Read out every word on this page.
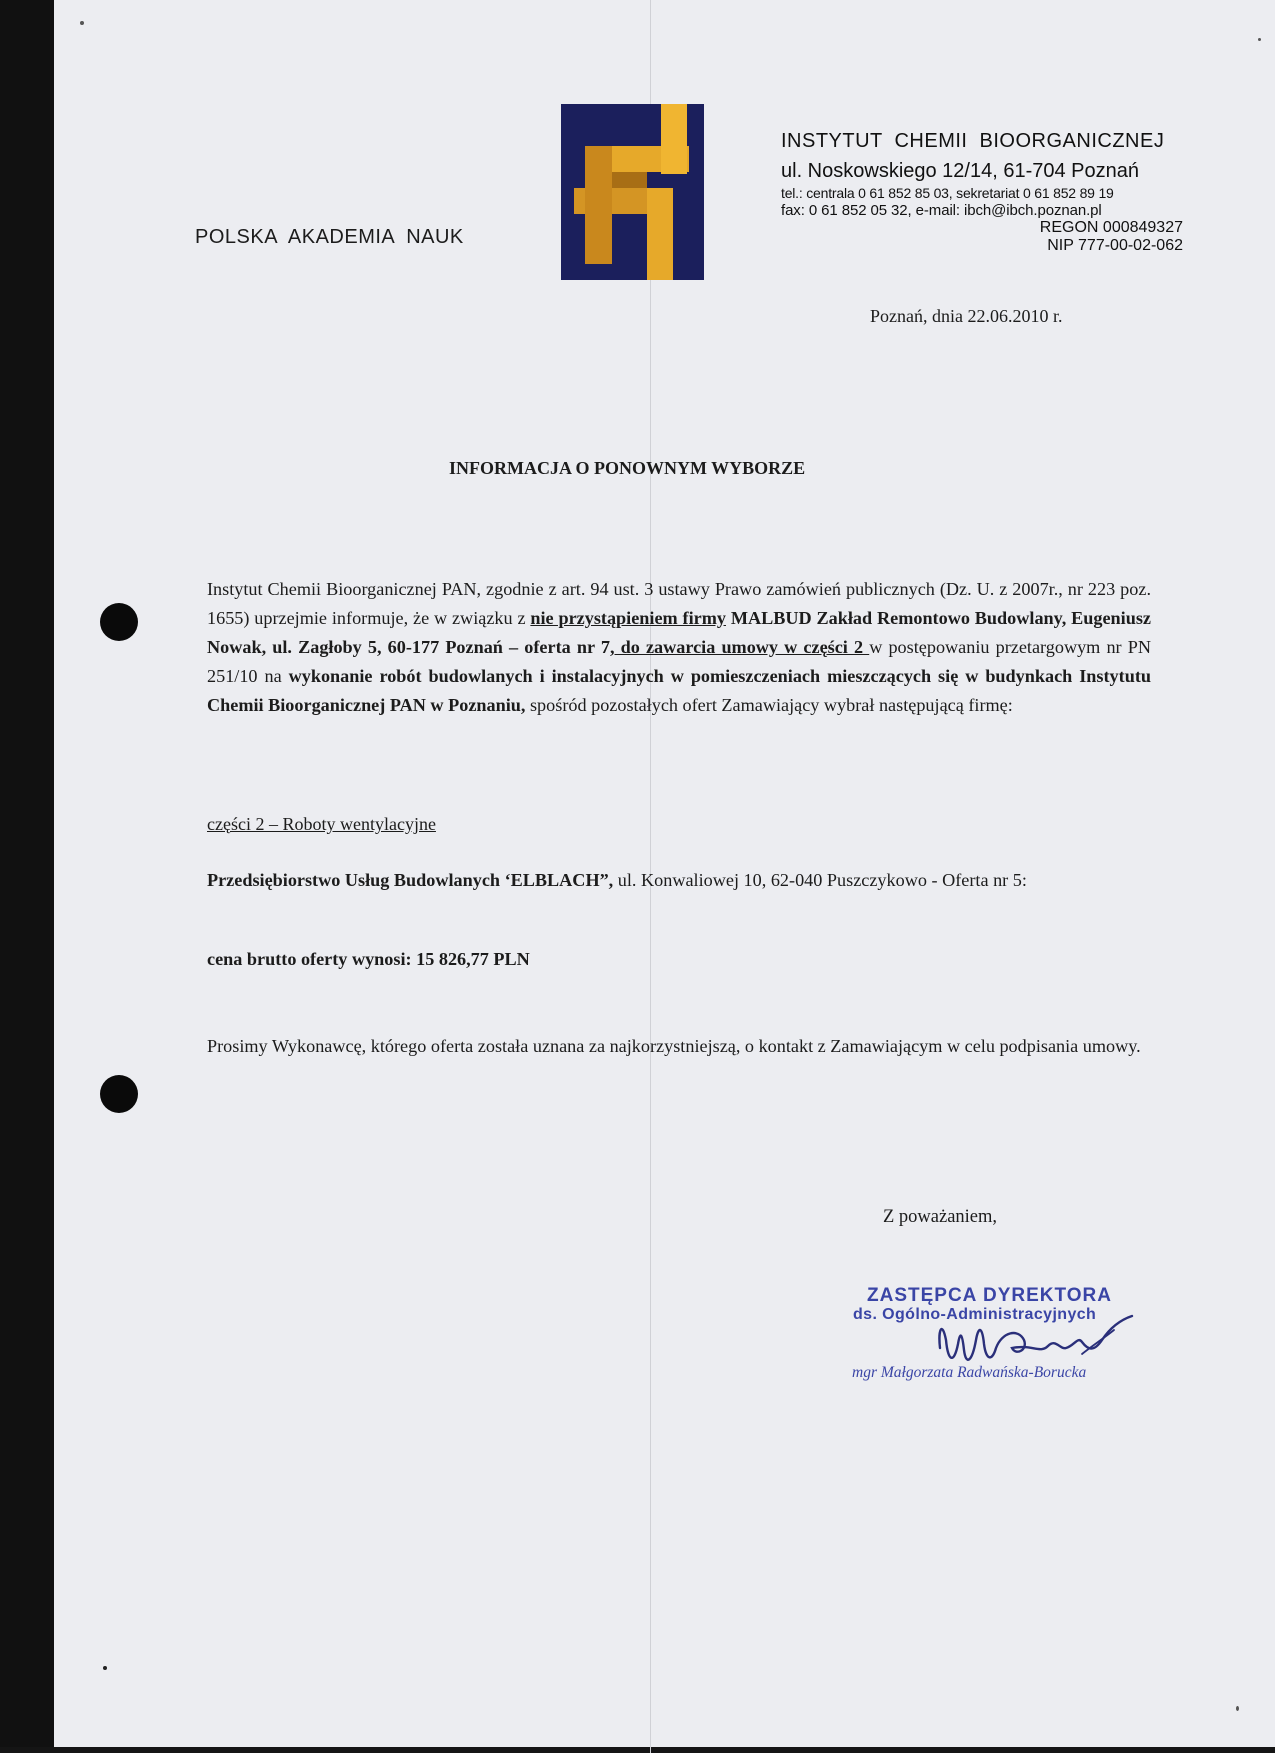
POLSKA AKADEMIA NAUK
INSTYTUT CHEMII BIOORGANICZNEJ
ul. Noskowskiego 12/14, 61-704 Poznań
tel.: centrala 0 61 852 85 03, sekretariat 0 61 852 89 19
fax: 0 61 852 05 32, e-mail: ibch@ibch.poznan.pl
REGON 000849327
NIP 777-00-02-062
Poznań, dnia 22.06.2010 r.
INFORMACJA O PONOWNYM WYBORZE
Instytut Chemii Bioorganicznej PAN, zgodnie z art. 94 ust. 3 ustawy Prawo zamówień publicznych (Dz. U. z 2007r., nr 223 poz. 1655) uprzejmie informuje, że w związku z nie przystąpieniem firmy MALBUD Zakład Remontowo Budowlany, Eugeniusz Nowak, ul. Zagłoby 5, 60-177 Poznań – oferta nr 7, do zawarcia umowy w części 2 w postępowaniu przetargowym nr PN 251/10 na wykonanie robót budowlanych i instalacyjnych w pomieszczeniach mieszczących się w budynkach Instytutu Chemii Bioorganicznej PAN w Poznaniu, spośród pozostałych ofert Zamawiający wybrał następującą firmę:
części 2 – Roboty wentylacyjne
Przedsiębiorstwo Usług Budowlanych ‘ELBLACH”, ul. Konwaliowej 10, 62-040 Puszczykowo - Oferta nr 5:
cena brutto oferty wynosi: 15 826,77 PLN
Prosimy Wykonawcę, którego oferta została uznana za najkorzystniejszą, o kontakt z Zamawiającym w celu podpisania umowy.
Z poważaniem,
ZASTĘPCA DYREKTORA
ds. Ogólno-Administracyjnych
mgr Małgorzata Radwańska-Borucka
